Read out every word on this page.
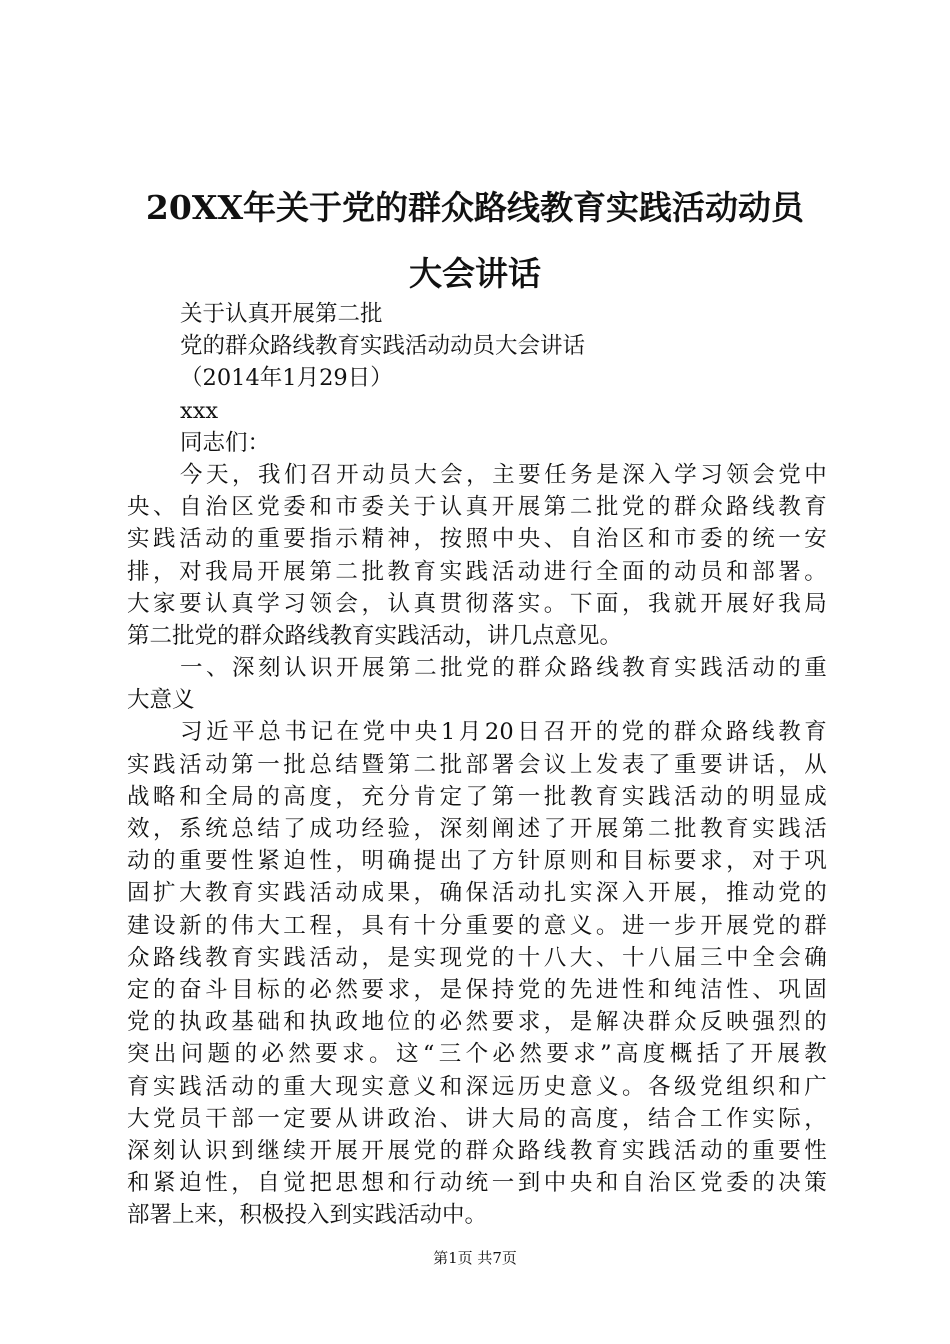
20XX年关于党的群众路线教育实践活动动员
大会讲话
关于认真开展第二批
党的群众路线教育实践活动动员大会讲话
（2014年1月29日）
xxx
同志们：
今天，我们召开动员大会，主要任务是深入学习领会党中
央、自治区党委和市委关于认真开展第二批党的群众路线教育
实践活动的重要指示精神，按照中央、自治区和市委的统一安
排，对我局开展第二批教育实践活动进行全面的动员和部署。
大家要认真学习领会，认真贯彻落实。下面，我就开展好我局
第二批党的群众路线教育实践活动，讲几点意见。
一、深刻认识开展第二批党的群众路线教育实践活动的重
大意义
习近平总书记在党中央1月20日召开的党的群众路线教育
实践活动第一批总结暨第二批部署会议上发表了重要讲话，从
战略和全局的高度，充分肯定了第一批教育实践活动的明显成
效，系统总结了成功经验，深刻阐述了开展第二批教育实践活
动的重要性紧迫性，明确提出了方针原则和目标要求，对于巩
固扩大教育实践活动成果，确保活动扎实深入开展，推动党的
建设新的伟大工程，具有十分重要的意义。进一步开展党的群
众路线教育实践活动，是实现党的十八大、十八届三中全会确
定的奋斗目标的必然要求，是保持党的先进性和纯洁性、巩固
党的执政基础和执政地位的必然要求，是解决群众反映强烈的
突出问题的必然要求。这“三个必然要求”高度概括了开展教
育实践活动的重大现实意义和深远历史意义。各级党组织和广
大党员干部一定要从讲政治、讲大局的高度，结合工作实际，
深刻认识到继续开展开展党的群众路线教育实践活动的重要性
和紧迫性，自觉把思想和行动统一到中央和自治区党委的决策
部署上来，积极投入到实践活动中。
第1页 共7页
